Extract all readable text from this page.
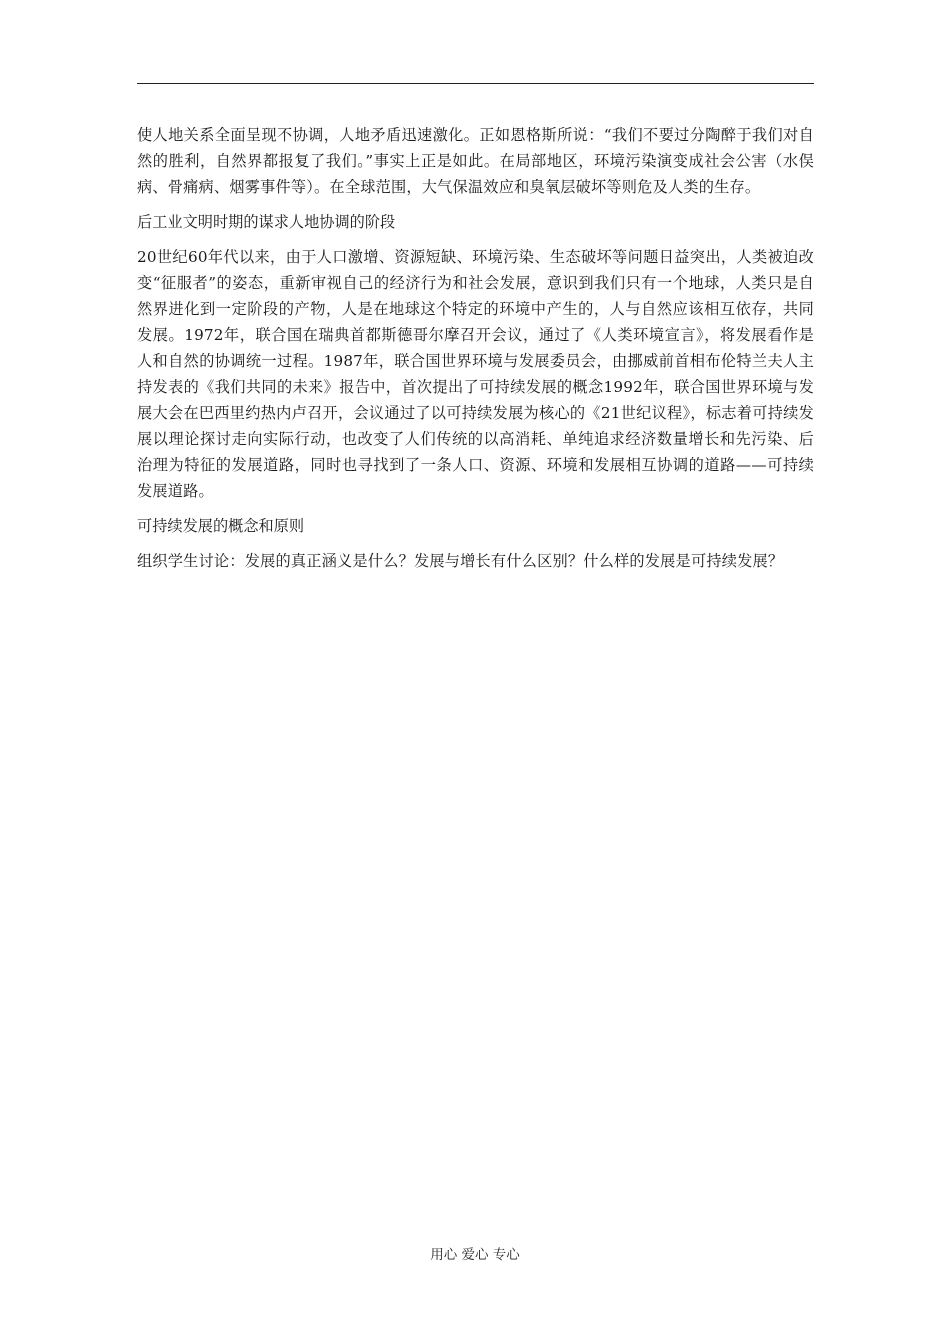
使人地关系全面呈现不协调，人地矛盾迅速激化。正如恩格斯所说：“我们不要过分陶醉于我们对自然的胜利，自然界都报复了我们。”事实上正是如此。在局部地区，环境污染演变成社会公害（水俣病、骨痛病、烟雾事件等）。在全球范围，大气保温效应和臭氧层破坏等则危及人类的生存。

后工业文明时期的谋求人地协调的阶段

20世纪60年代以来，由于人口激增、资源短缺、环境污染、生态破坏等问题日益突出，人类被迫改变“征服者”的姿态，重新审视自己的经济行为和社会发展，意识到我们只有一个地球，人类只是自然界进化到一定阶段的产物，人是在地球这个特定的环境中产生的，人与自然应该相互依存，共同发展。1972年，联合国在瑞典首都斯德哥尔摩召开会议，通过了《人类环境宣言》，将发展看作是人和自然的协调统一过程。1987年，联合国世界环境与发展委员会，由挪威前首相布伦特兰夫人主持发表的《我们共同的未来》报告中，首次提出了可持续发展的概念1992年，联合国世界环境与发展大会在巴西里约热内卢召开，会议通过了以可持续发展为核心的《21世纪议程》，标志着可持续发展以理论探讨走向实际行动，也改变了人们传统的以高消耗、单纯追求经济数量增长和先污染、后治理为特征的发展道路，同时也寻找到了一条人口、资源、环境和发展相互协调的道路——可持续发展道路。

可持续发展的概念和原则

组织学生讨论：发展的真正涵义是什么？发展与增长有什么区别？什么样的发展是可持续发展？

用心 爱心 专心
